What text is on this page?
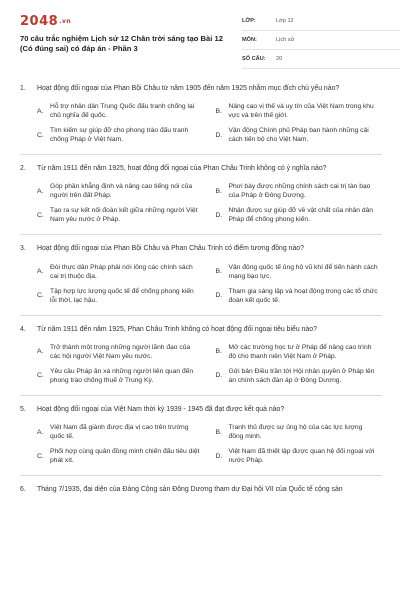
2048.vn
70 câu trắc nghiệm Lịch sử 12 Chân trời sáng tạo Bài 12 (Có đúng sai) có đáp án - Phần 3
LỚP:	Lớp 12
MÔN:	Lịch sử
SỐ CÂU:	20
1.	Hoạt động đối ngoại của Phan Bội Châu từ năm 1905 đến năm 1925 nhằm mục đích chủ yếu nào?
A.
Hỗ trợ nhân dân Trung Quốc đấu tranh chống lại chủ nghĩa đế quốc.
B.
Nâng cao vị thế và uy tín của Việt Nam trong khu vực và trên thế giới.
C.
Tìm kiếm sự giúp đỡ cho phong trào đấu tranh chống Pháp ở Việt Nam.
D.
Vận động Chính phủ Pháp ban hành những cải cách tiến bộ cho Việt Nam.
2.	Từ năm 1911 đến năm 1925, hoạt động đối ngoại của Phan Châu Trinh không có ý nghĩa nào?
A.
Góp phần khẳng định và nâng cao tiếng nói của người trên đất Pháp.
B.
Phơi bày được những chính sách cai trị tàn bạo của Pháp ở Đông Dương.
C.
Tạo ra sự kết nối đoàn kết giữa những người Việt Nam yêu nước ở Pháp.
D.
Nhận được sự giúp đỡ về vật chất của nhân dân Pháp để chống phong kiến.
3.	Hoạt động đối ngoại của Phan Bội Châu và Phan Châu Trinh có điểm tương đồng nào?
A.
Đòi thực dân Pháp phải nới lỏng các chính sách cai trị thuộc địa.
B.
Vận động quốc tế ủng hộ vũ khí để tiến hành cách mạng bạo lực.
C.
Tập hợp lực lượng quốc tế để chống phong kiến lỗi thời, lạc hậu.
D.
Tham gia sáng lập và hoạt động trong các tổ chức đoàn kết quốc tế.
4.	Từ năm 1911 đến năm 1925, Phan Châu Trinh không có hoạt động đối ngoại tiêu biểu nào?
A.
Trở thành một trong những người lãnh đạo của các hội người Việt Nam yêu nước.
B.
Mở các trường học tư ở Pháp để nâng cao trình độ cho thanh niên Việt Nam ở Pháp.
C.
Yêu cầu Pháp ân xá những người liên quan đến phong trào chống thuế ở Trung Kỳ.
D.
Gửi bản Điều trần tới Hội nhân quyền ở Pháp lên án chính sách đàn áp ở Đông Dương.
5.	Hoạt động đối ngoại của Việt Nam thời kỳ 1939 - 1945 đã đạt được kết quả nào?
A.
Việt Nam đã giành được địa vị cao trên trường quốc tế.
B.
Tranh thủ được sự ủng hộ của các lực lượng đồng minh.
C.
Phối hợp cùng quân đồng minh chiến đấu tiêu diệt phát xít.
D.
Việt Nam đã thiết lập được quan hệ đối ngoại với nước Pháp.
6.	Tháng 7/1935, đại diện của Đảng Cộng sản Đông Dương tham dự Đại hội VII của Quốc tế cộng sản
